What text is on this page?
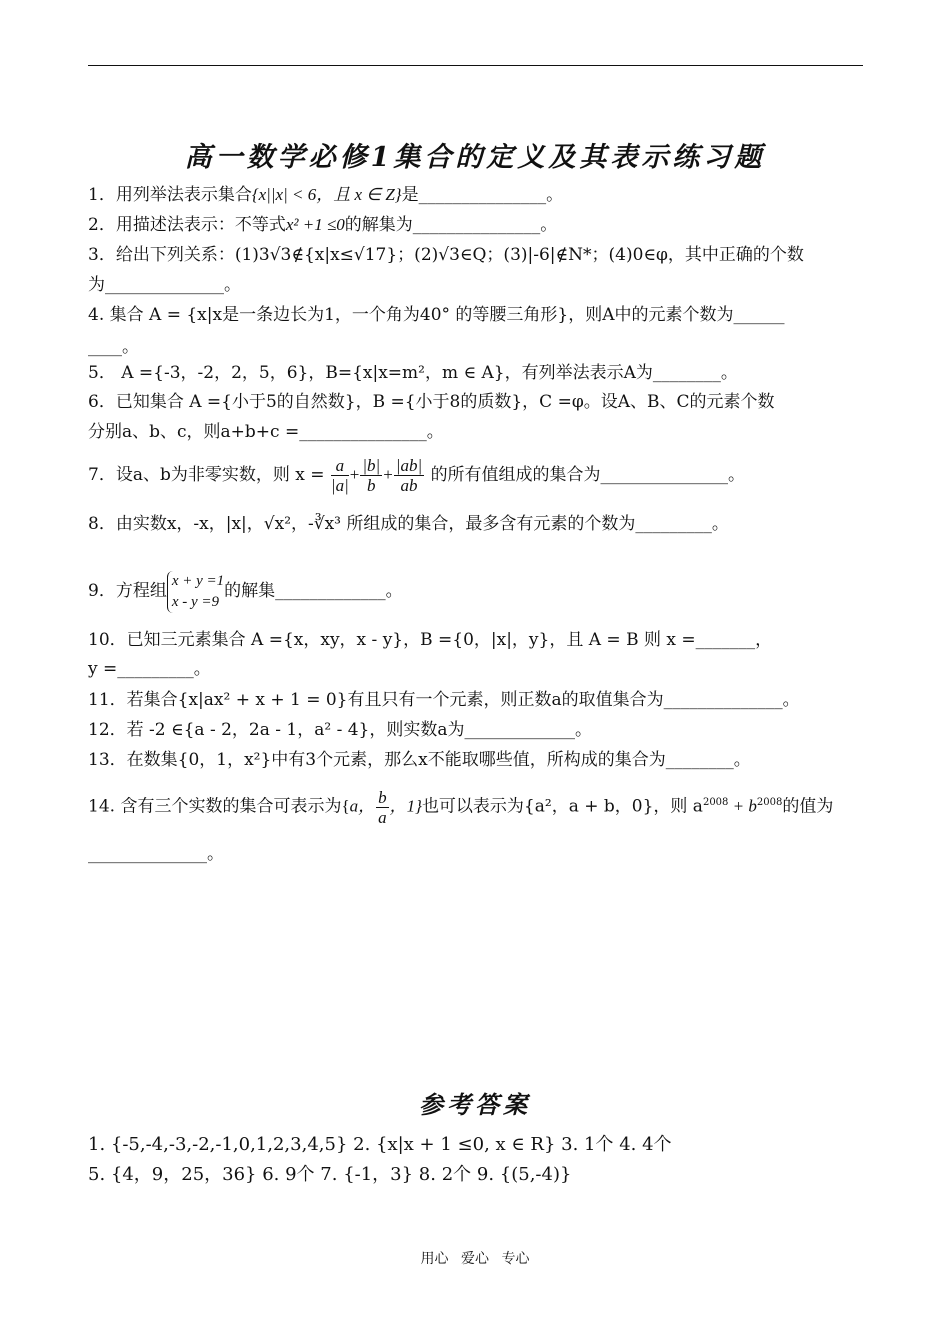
高一数学必修1集合的定义及其表示练习题
1．用列举法表示集合{x||x| < 6，且 x ∈ Z}是_______________。
2．用描述法表示：不等式x² +1 ≤0的解集为_______________。
3．给出下列关系：(1)3√3∉{x|x≤√17}；(2)√3∈Q；(3)|-6|∉N*；(4)0∈φ，其中正确的个数
为______________。
4. 集合 A = {x|x是一条边长为1，一个角为40° 的等腰三角形}，则A中的元素个数为______
____。
5． A ={-3，-2，2，5，6}，B={x|x=m²，m ∈ A}，有列举法表示A为________。
6．已知集合 A ={小于5的自然数}，B ={小于8的质数}，C =φ。设A、B、C的元素个数
分别a、b、c，则a+b+c =_______________。
7．设a、b为非零实数，则 $x = \frac{a}{|a|} + \frac{|b|}{b} + \frac{|ab|}{ab}$ 的所有值组成的集合为_______________。
8．由实数x，-x，|x|，√x²，-∛x³ 所组成的集合，最多含有元素的个数为_________。
9．方程组
x + y =1
x - y =9
的解集_____________。
10．已知三元素集合 A ={x，xy，x - y}，B ={0，|x|，y}，且 A = B 则 x =_______，
y =_________。
11．若集合{x|ax² + x + 1 = 0}有且只有一个元素，则正数a的取值集合为______________。
12．若 -2 ∈{a - 2，2a - 1，a² - 4}，则实数a为_____________。
13．在数集{0，1，x²}中有3个元素，那么x不能取哪些值，所构成的集合为________。
14. 含有三个实数的集合可表示为{a， $\frac{b}{a}$ ，1}也可以表示为{a²，a + b，0}，则 $a^{2008} + b^{2008}$的值为
______________。
参考答案
1. {-5,-4,-3,-2,-1,0,1,2,3,4,5} 2. {x|x + 1 ≤0, x ∈ R} 3. 1个 4. 4个
5. {4，9，25，36} 6. 9个 7. {-1，3} 8. 2个 9. {(5,-4)}
用心 爱心 专心
